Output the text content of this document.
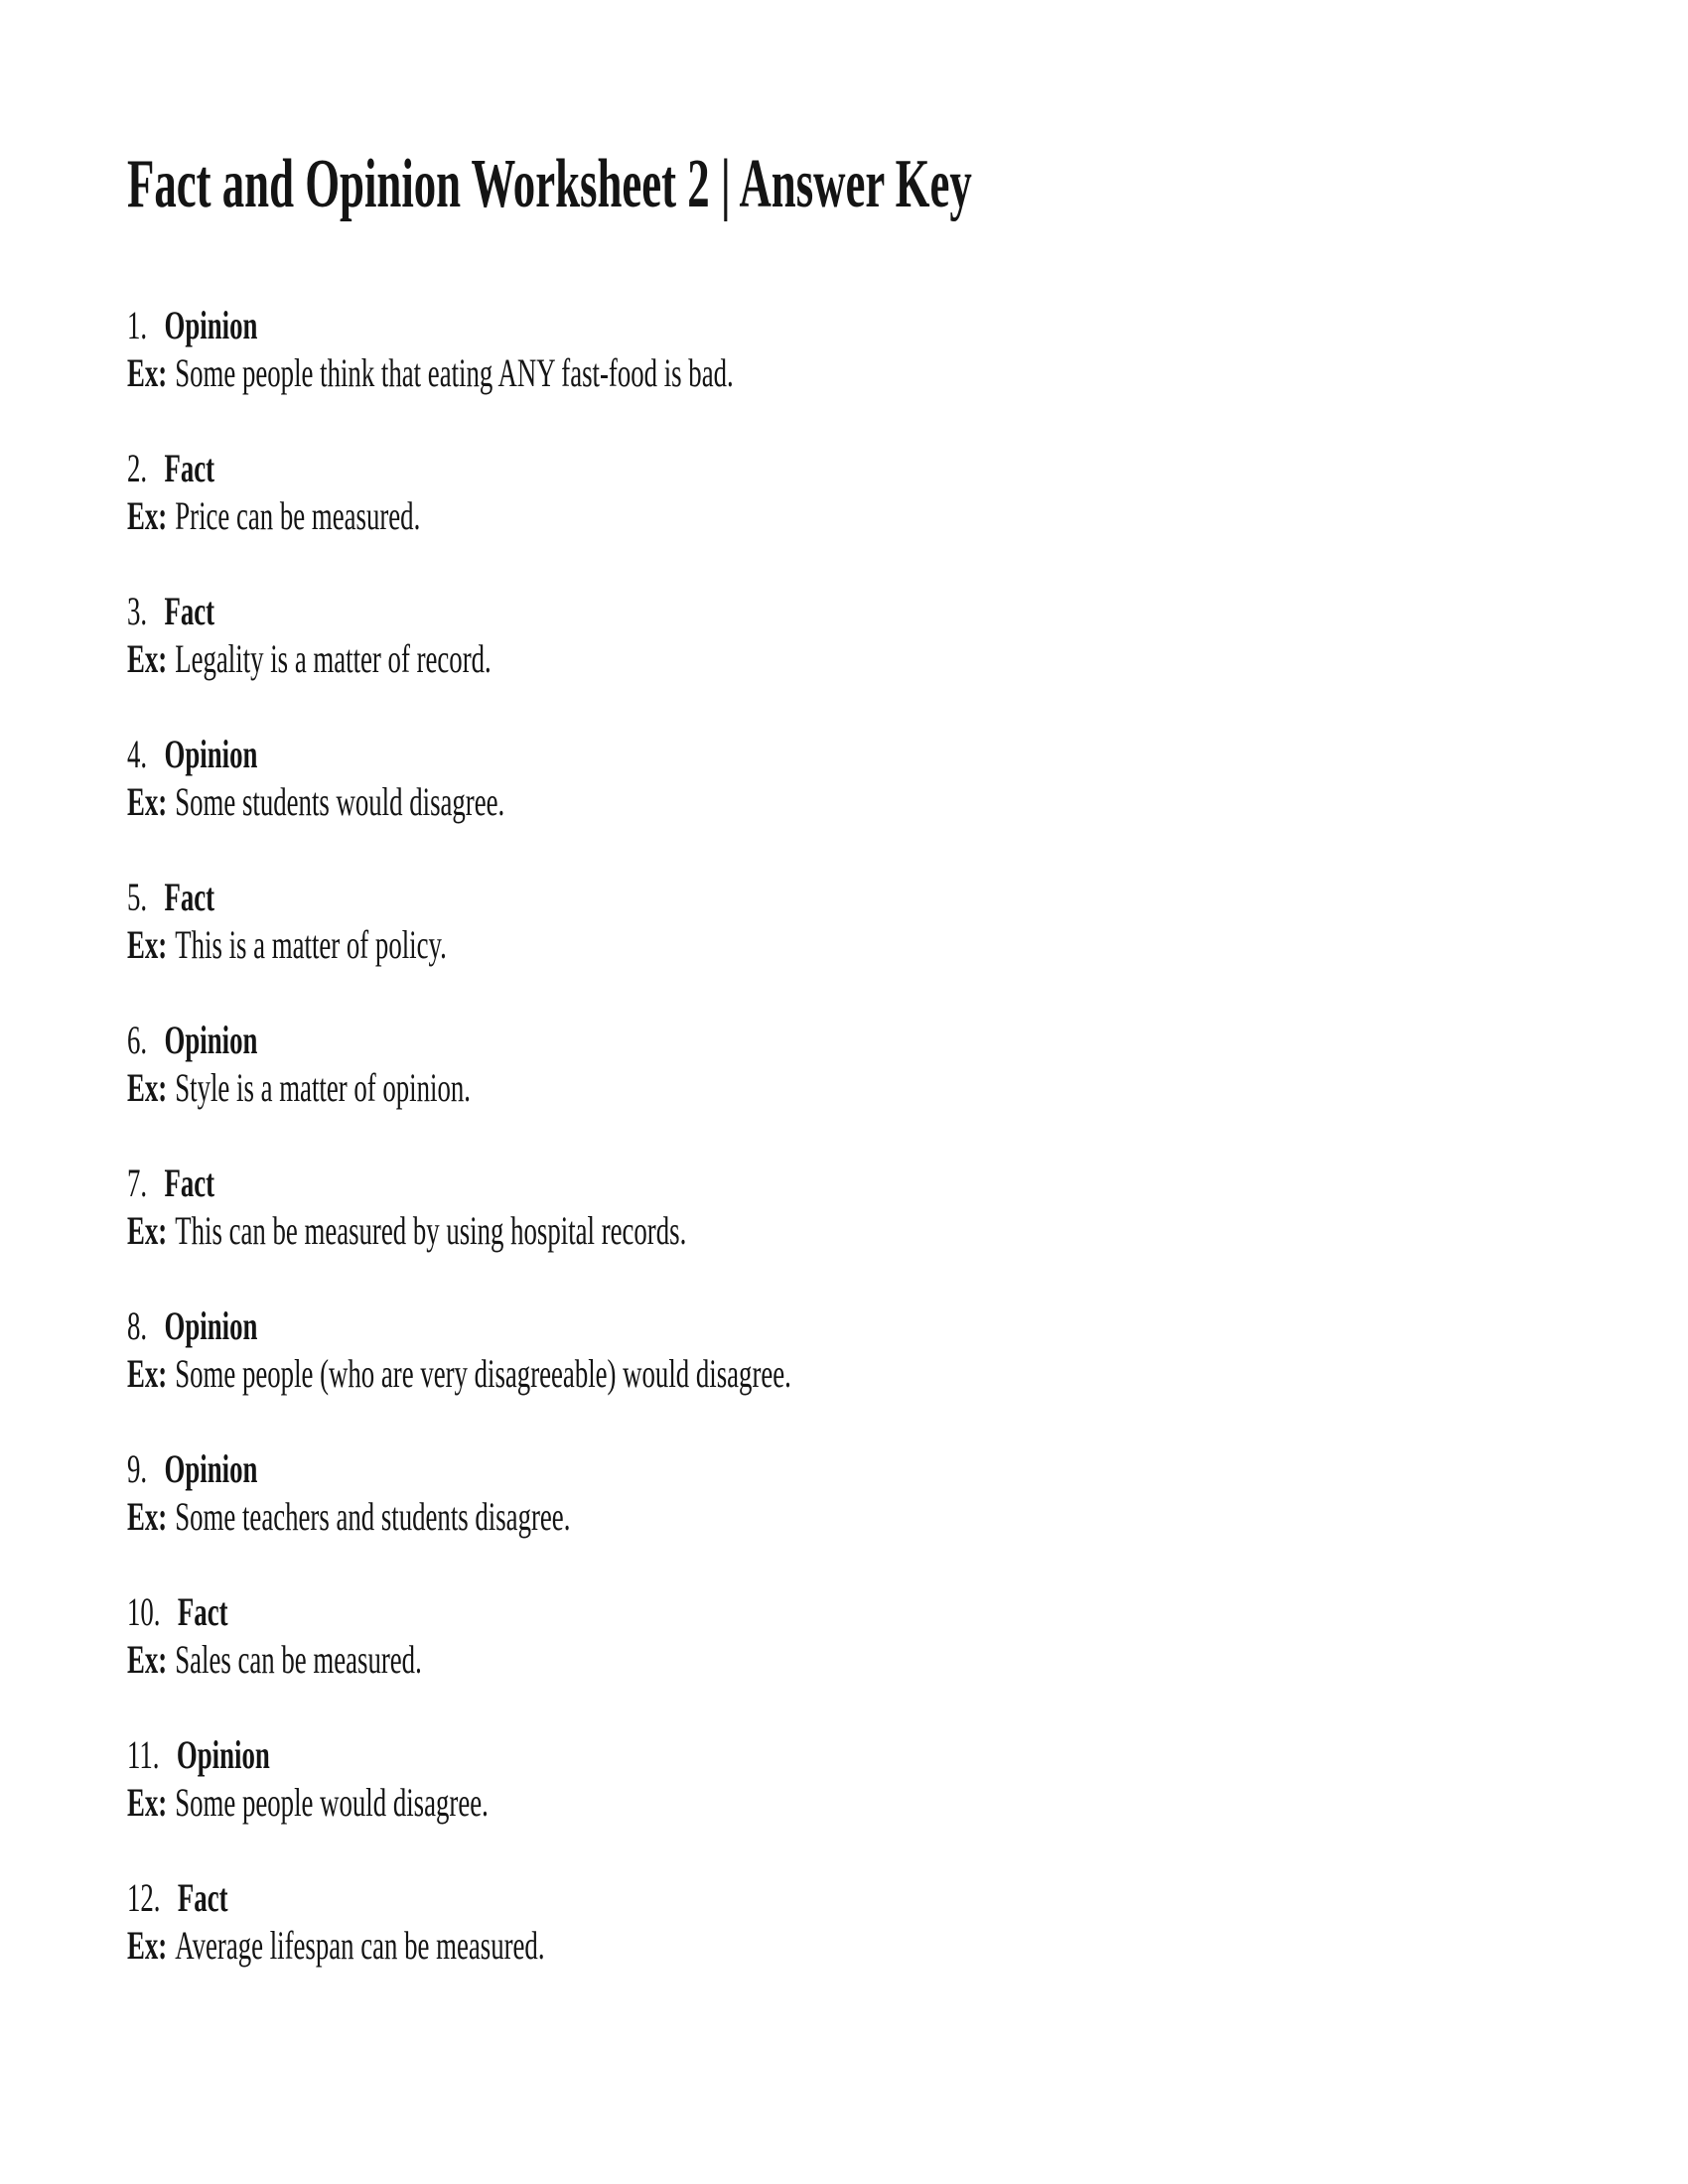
Fact and Opinion Worksheet 2 | Answer Key
1. Opinion
Ex: Some people think that eating ANY fast-food is bad.
2. Fact
Ex: Price can be measured.
3. Fact
Ex: Legality is a matter of record.
4. Opinion
Ex: Some students would disagree.
5. Fact
Ex: This is a matter of policy.
6. Opinion
Ex: Style is a matter of opinion.
7. Fact
Ex: This can be measured by using hospital records.
8. Opinion
Ex: Some people (who are very disagreeable) would disagree.
9. Opinion
Ex: Some teachers and students disagree.
10. Fact
Ex: Sales can be measured.
11. Opinion
Ex: Some people would disagree.
12. Fact
Ex: Average lifespan can be measured.
